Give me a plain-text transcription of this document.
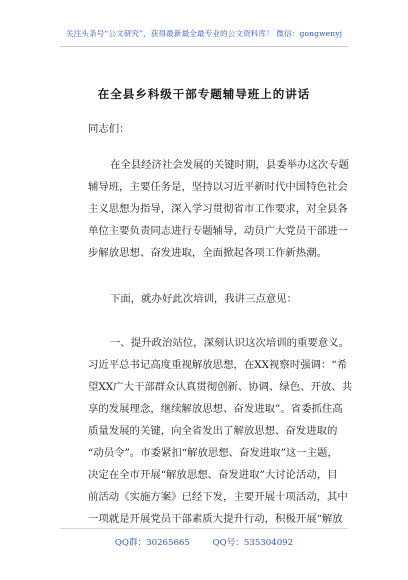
关注头条号“公文研究”，获得最新最全最专业的公文资料库！ 微信：gongwenyj
在全县乡科级干部专题辅导班上的讲话

同志们：

在全县经济社会发展的关键时期，县委举办这次专题
辅导班，主要任务是，坚持以习近平新时代中国特色社会
主义思想为指导，深入学习贯彻省市工作要求，对全县各
单位主要负责同志进行专题辅导，动员广大党员干部进一
步解放思想、奋发进取，全面掀起各项工作新热潮。

下面，就办好此次培训，我讲三点意见：

一、提升政治站位，深刻认识这次培训的重要意义。
习近平总书记高度重视解放思想，在XX视察时强调：“希
望XX广大干部群众认真贯彻创新、协调、绿色、开放、共
享的发展理念，继续解放思想、奋发进取”。省委抓住高
质量发展的关键，向全省发出了解放思想、奋发进取的
“动员令”。市委紧扣“解放思想、奋发进取”这一主题，
决定在全市开展“解放思想、奋发进取”大讨论活动，目
前活动《实施方案》已经下发，主要开展十项活动，其中
一项就是开展党员干部素质大提升行动，积极开展“解放

QQ群：30265665	QQ号：535304092
